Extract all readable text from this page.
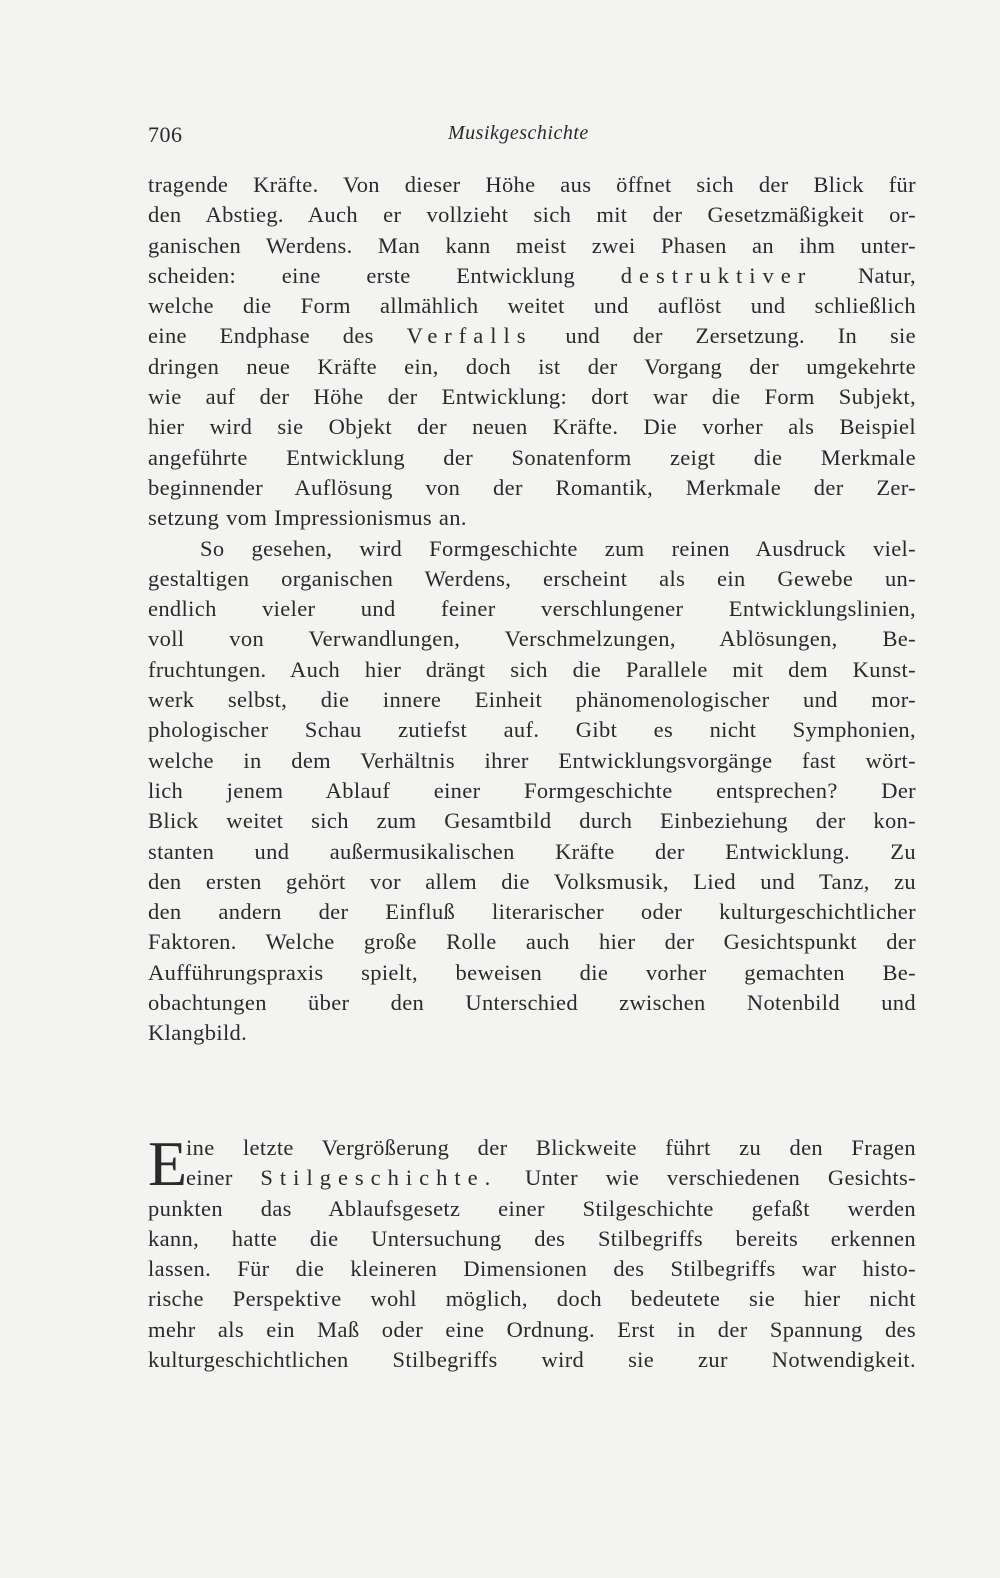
706	Musikgeschichte
tragende Kräfte. Von dieser Höhe aus öffnet sich der Blick für
den Abstieg. Auch er vollzieht sich mit der Gesetzmäßigkeit or-
ganischen Werdens. Man kann meist zwei Phasen an ihm unter-
scheiden: eine erste Entwicklung destruktiver Natur,
welche die Form allmählich weitet und auflöst und schließlich
eine Endphase des Verfalls und der Zersetzung. In sie
dringen neue Kräfte ein, doch ist der Vorgang der umgekehrte
wie auf der Höhe der Entwicklung: dort war die Form Subjekt,
hier wird sie Objekt der neuen Kräfte. Die vorher als Beispiel
angeführte Entwicklung der Sonatenform zeigt die Merkmale
beginnender Auflösung von der Romantik, Merkmale der Zer-
setzung vom Impressionismus an.
So gesehen, wird Formgeschichte zum reinen Ausdruck viel-
gestaltigen organischen Werdens, erscheint als ein Gewebe un-
endlich vieler und feiner verschlungener Entwicklungslinien,
voll von Verwandlungen, Verschmelzungen, Ablösungen, Be-
fruchtungen. Auch hier drängt sich die Parallele mit dem Kunst-
werk selbst, die innere Einheit phänomenologischer und mor-
phologischer Schau zutiefst auf. Gibt es nicht Symphonien,
welche in dem Verhältnis ihrer Entwicklungsvorgänge fast wört-
lich jenem Ablauf einer Formgeschichte entsprechen? Der
Blick weitet sich zum Gesamtbild durch Einbeziehung der kon-
stanten und außermusikalischen Kräfte der Entwicklung. Zu
den ersten gehört vor allem die Volksmusik, Lied und Tanz, zu
den andern der Einfluß literarischer oder kulturgeschichtlicher
Faktoren. Welche große Rolle auch hier der Gesichtspunkt der
Aufführungspraxis spielt, beweisen die vorher gemachten Be-
obachtungen über den Unterschied zwischen Notenbild und
Klangbild.
E
ine letzte Vergrößerung der Blickweite führt zu den Fragen
einer Stilgeschichte. Unter wie verschiedenen Gesichts-
punkten das Ablaufsgesetz einer Stilgeschichte gefaßt werden
kann, hatte die Untersuchung des Stilbegriffs bereits erkennen
lassen. Für die kleineren Dimensionen des Stilbegriffs war histo-
rische Perspektive wohl möglich, doch bedeutete sie hier nicht
mehr als ein Maß oder eine Ordnung. Erst in der Spannung des
kulturgeschichtlichen Stilbegriffs wird sie zur Notwendigkeit.
